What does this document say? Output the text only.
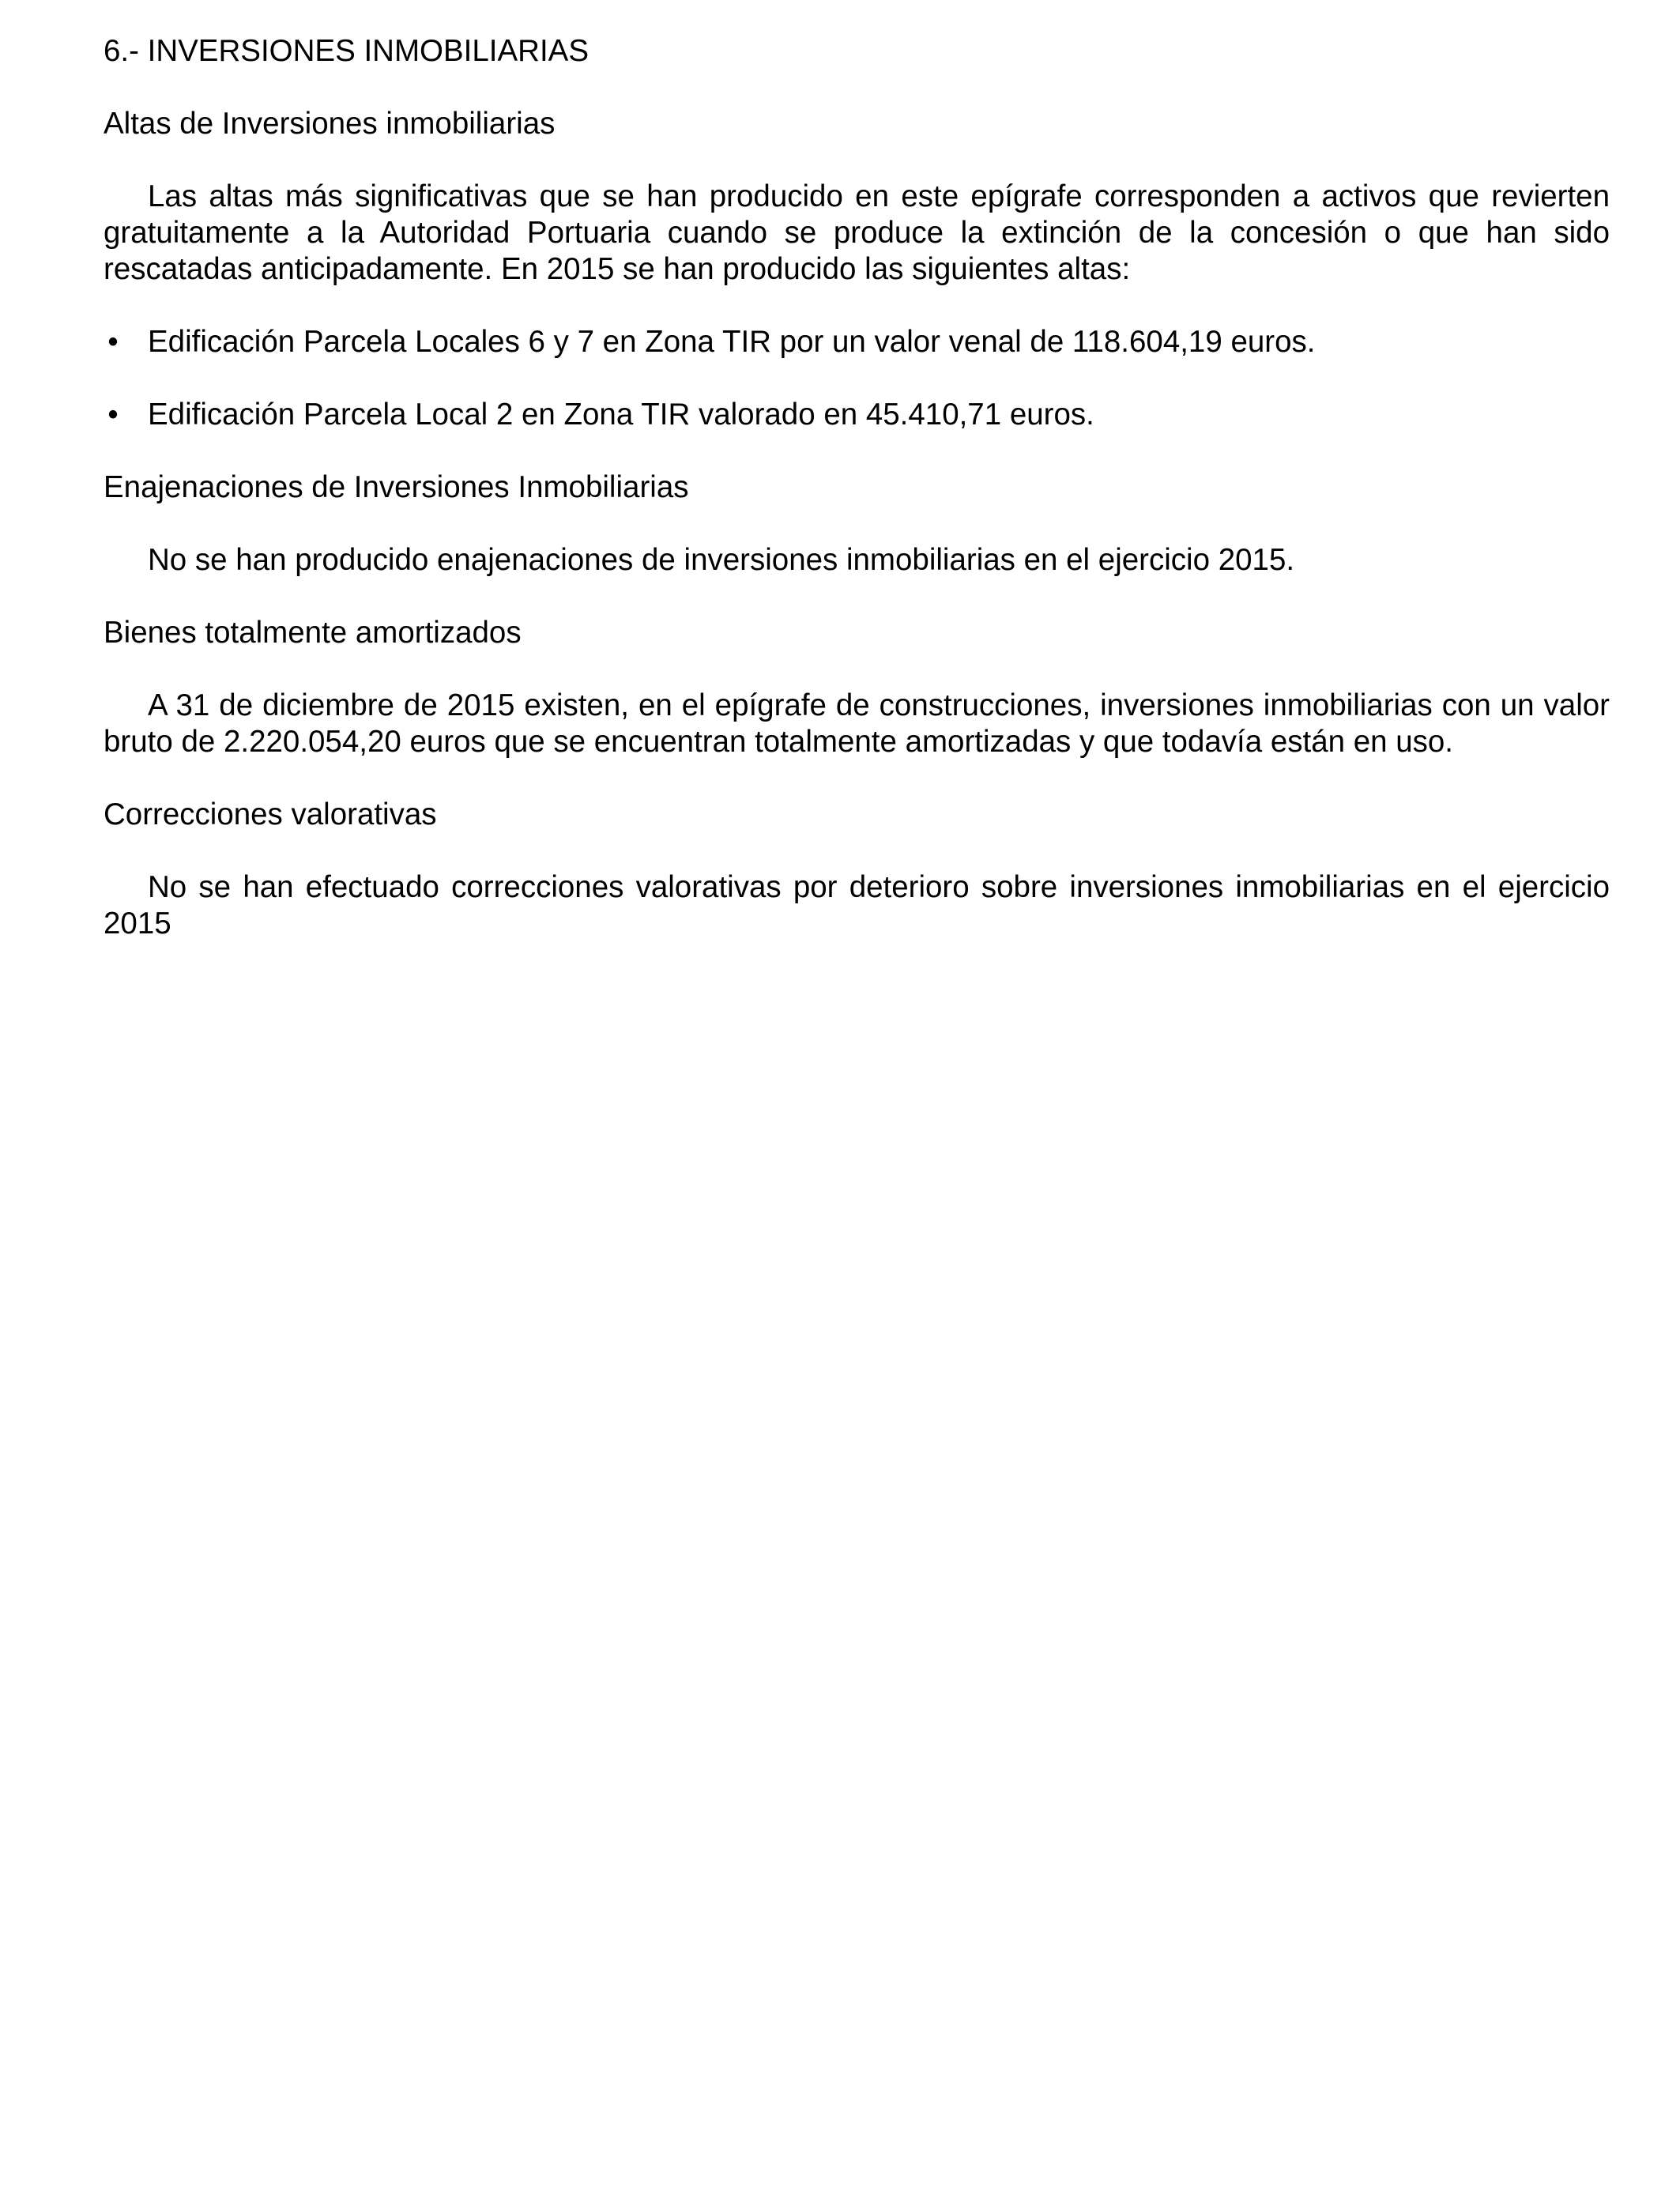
6.- INVERSIONES INMOBILIARIAS
Altas de Inversiones inmobiliarias

Las altas más significativas que se han producido en este epígrafe corresponden a activos que revierten gratuitamente a la Autoridad Portuaria cuando se produce la extinción de la concesión o que han sido rescatadas anticipadamente. En 2015 se han producido las siguientes altas:

• Edificación Parcela Locales 6 y 7 en Zona TIR por un valor venal de 118.604,19 euros.
• Edificación Parcela Local 2 en Zona TIR valorado en 45.410,71 euros.
Enajenaciones de Inversiones Inmobiliarias

No se han producido enajenaciones de inversiones inmobiliarias en el ejercicio 2015.

Bienes totalmente amortizados

A 31 de diciembre de 2015 existen, en el epígrafe de construcciones, inversiones inmobiliarias con un valor bruto de 2.220.054,20 euros que se encuentran totalmente amortizadas y que todavía están en uso.

Correcciones valorativas

No se han efectuado correcciones valorativas por deterioro sobre inversiones inmobiliarias en el ejercicio 2015
